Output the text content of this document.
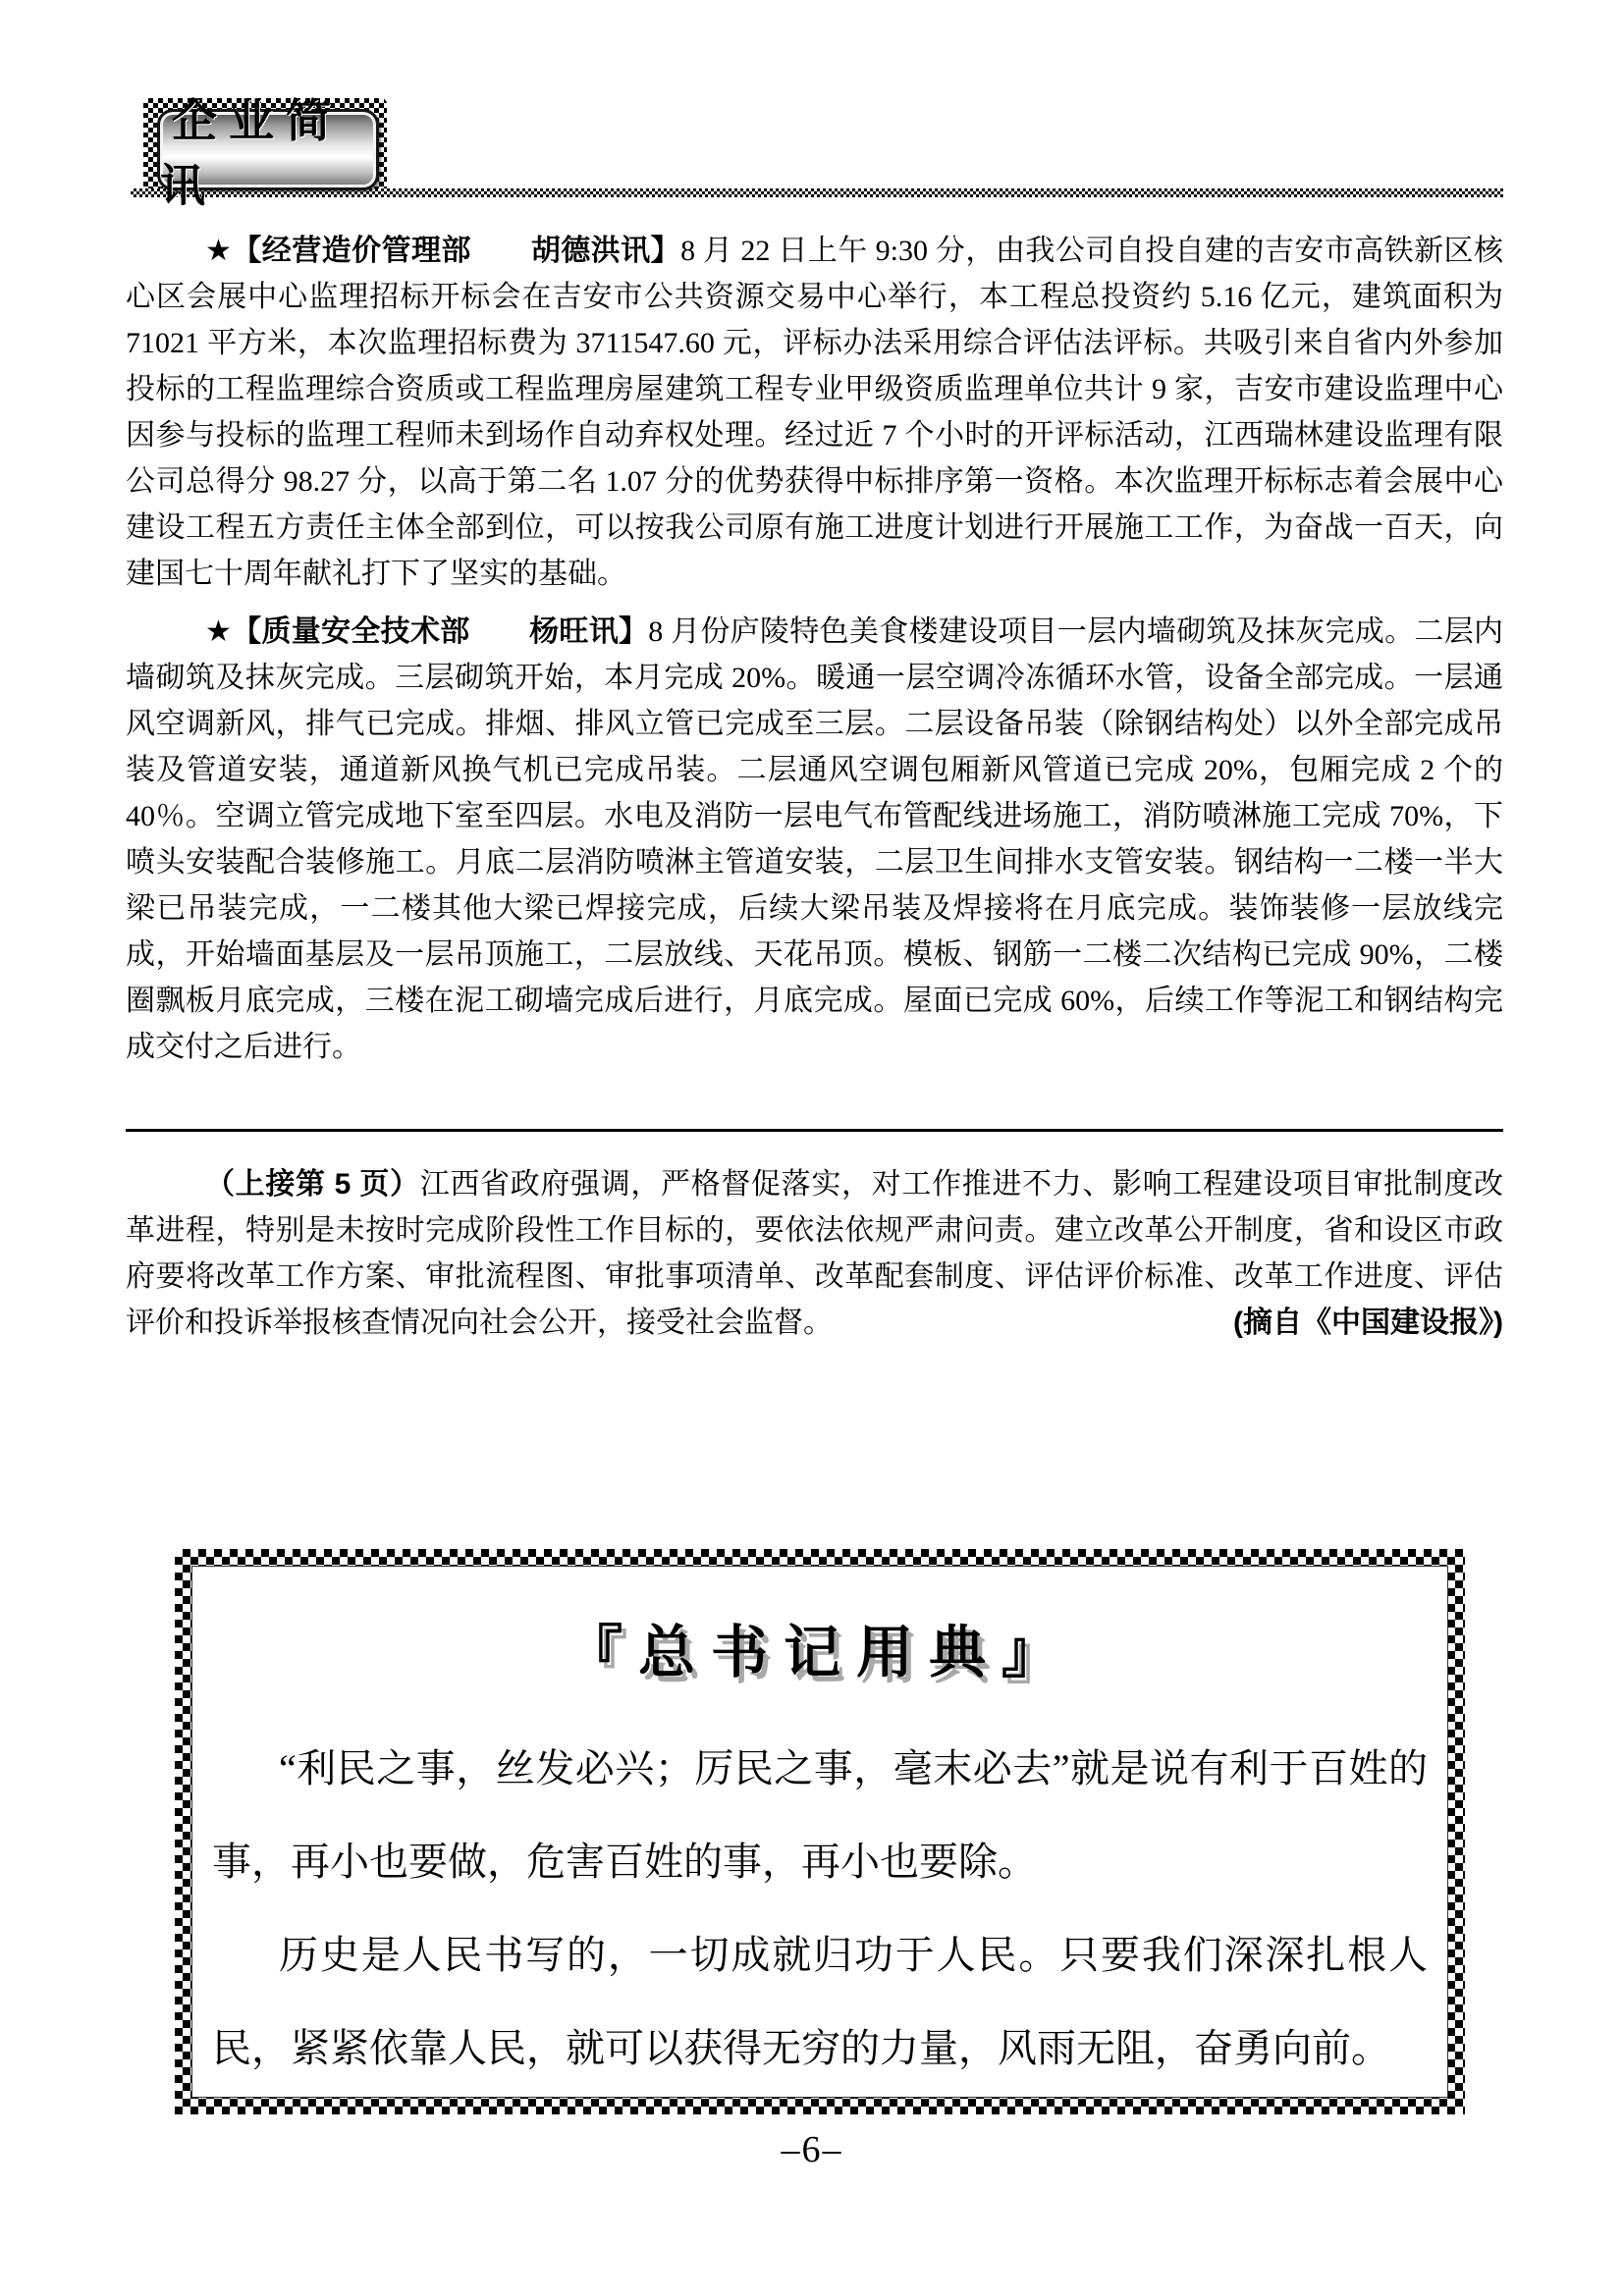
企业简讯

★【经营造价管理部　　胡德洪讯】8 月 22 日上午 9:30 分，由我公司自投自建的吉安市高铁新区核心区会展中心监理招标开标会在吉安市公共资源交易中心举行，本工程总投资约 5.16 亿元，建筑面积为 71021 平方米，本次监理招标费为 3711547.60 元，评标办法采用综合评估法评标。共吸引来自省内外参加投标的工程监理综合资质或工程监理房屋建筑工程专业甲级资质监理单位共计 9 家，吉安市建设监理中心因参与投标的监理工程师未到场作自动弃权处理。经过近 7 个小时的开评标活动，江西瑞林建设监理有限公司总得分 98.27 分，以高于第二名 1.07 分的优势获得中标排序第一资格。本次监理开标标志着会展中心建设工程五方责任主体全部到位，可以按我公司原有施工进度计划进行开展施工工作，为奋战一百天，向建国七十周年献礼打下了坚实的基础。

★【质量安全技术部　　杨旺讯】8 月份庐陵特色美食楼建设项目一层内墙砌筑及抹灰完成。二层内墙砌筑及抹灰完成。三层砌筑开始，本月完成 20%。暖通一层空调冷冻循环水管，设备全部完成。一层通风空调新风，排气已完成。排烟、排风立管已完成至三层。二层设备吊装（除钢结构处）以外全部完成吊装及管道安装，通道新风换气机已完成吊装。二层通风空调包厢新风管道已完成 20%，包厢完成 2 个的 40％。空调立管完成地下室至四层。水电及消防一层电气布管配线进场施工，消防喷淋施工完成 70%，下喷头安装配合装修施工。月底二层消防喷淋主管道安装，二层卫生间排水支管安装。钢结构一二楼一半大梁已吊装完成，一二楼其他大梁已焊接完成，后续大梁吊装及焊接将在月底完成。装饰装修一层放线完成，开始墙面基层及一层吊顶施工，二层放线、天花吊顶。模板、钢筋一二楼二次结构已完成 90%，二楼圈飘板月底完成，三楼在泥工砌墙完成后进行，月底完成。屋面已完成 60%，后续工作等泥工和钢结构完成交付之后进行。

（上接第 5 页）江西省政府强调，严格督促落实，对工作推进不力、影响工程建设项目审批制度改革进程，特别是未按时完成阶段性工作目标的，要依法依规严肃问责。建立改革公开制度，省和设区市政府要将改革工作方案、审批流程图、审批事项清单、改革配套制度、评估评价标准、改革工作进度、评估评价和投诉举报核查情况向社会公开，接受社会监督。	(摘自《中国建设报》)

『总书记用典』

“利民之事，丝发必兴；厉民之事，毫末必去”就是说有利于百姓的事，再小也要做，危害百姓的事，再小也要除。

历史是人民书写的，一切成就归功于人民。只要我们深深扎根人民，紧紧依靠人民，就可以获得无穷的力量，风雨无阻，奋勇向前。

–6–
